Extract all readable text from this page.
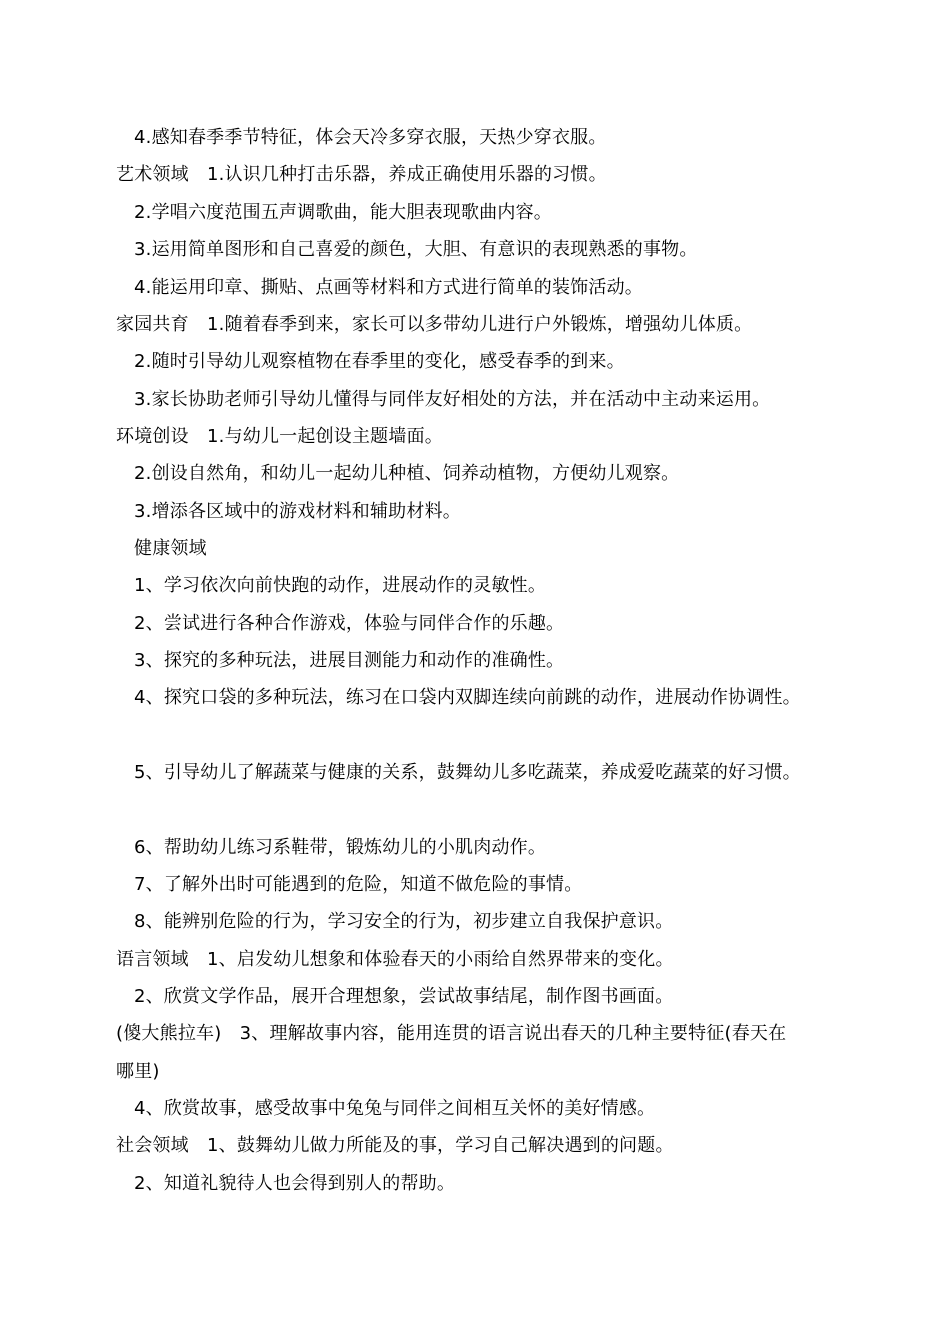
4.感知春季季节特征，体会天冷多穿衣服，天热少穿衣服。
艺术领域　1.认识几种打击乐器，养成正确使用乐器的习惯。
2.学唱六度范围五声调歌曲，能大胆表现歌曲内容。
3.运用简单图形和自己喜爱的颜色，大胆、有意识的表现熟悉的事物。
4.能运用印章、撕贴、点画等材料和方式进行简单的装饰活动。
家园共育　1.随着春季到来，家长可以多带幼儿进行户外锻炼，增强幼儿体质。
2.随时引导幼儿观察植物在春季里的变化，感受春季的到来。
3.家长协助老师引导幼儿懂得与同伴友好相处的方法，并在活动中主动来运用。
环境创设　1.与幼儿一起创设主题墙面。
2.创设自然角，和幼儿一起幼儿种植、饲养动植物，方便幼儿观察。
3.增添各区域中的游戏材料和辅助材料。
健康领域
1、学习依次向前快跑的动作，进展动作的灵敏性。
2、尝试进行各种合作游戏，体验与同伴合作的乐趣。
3、探究的多种玩法，进展目测能力和动作的准确性。
4、探究口袋的多种玩法，练习在口袋内双脚连续向前跳的动作，进展动作协调性。
5、引导幼儿了解蔬菜与健康的关系，鼓舞幼儿多吃蔬菜，养成爱吃蔬菜的好习惯。
6、帮助幼儿练习系鞋带，锻炼幼儿的小肌肉动作。
7、了解外出时可能遇到的危险，知道不做危险的事情。
8、能辨别危险的行为，学习安全的行为，初步建立自我保护意识。
语言领域　1、启发幼儿想象和体验春天的小雨给自然界带来的变化。
2、欣赏文学作品，展开合理想象，尝试故事结尾，制作图书画面。
(傻大熊拉车)　3、理解故事内容，能用连贯的语言说出春天的几种主要特征(春天在
哪里)
4、欣赏故事，感受故事中兔兔与同伴之间相互关怀的美好情感。
社会领域　1、鼓舞幼儿做力所能及的事，学习自己解决遇到的问题。
2、知道礼貌待人也会得到别人的帮助。
